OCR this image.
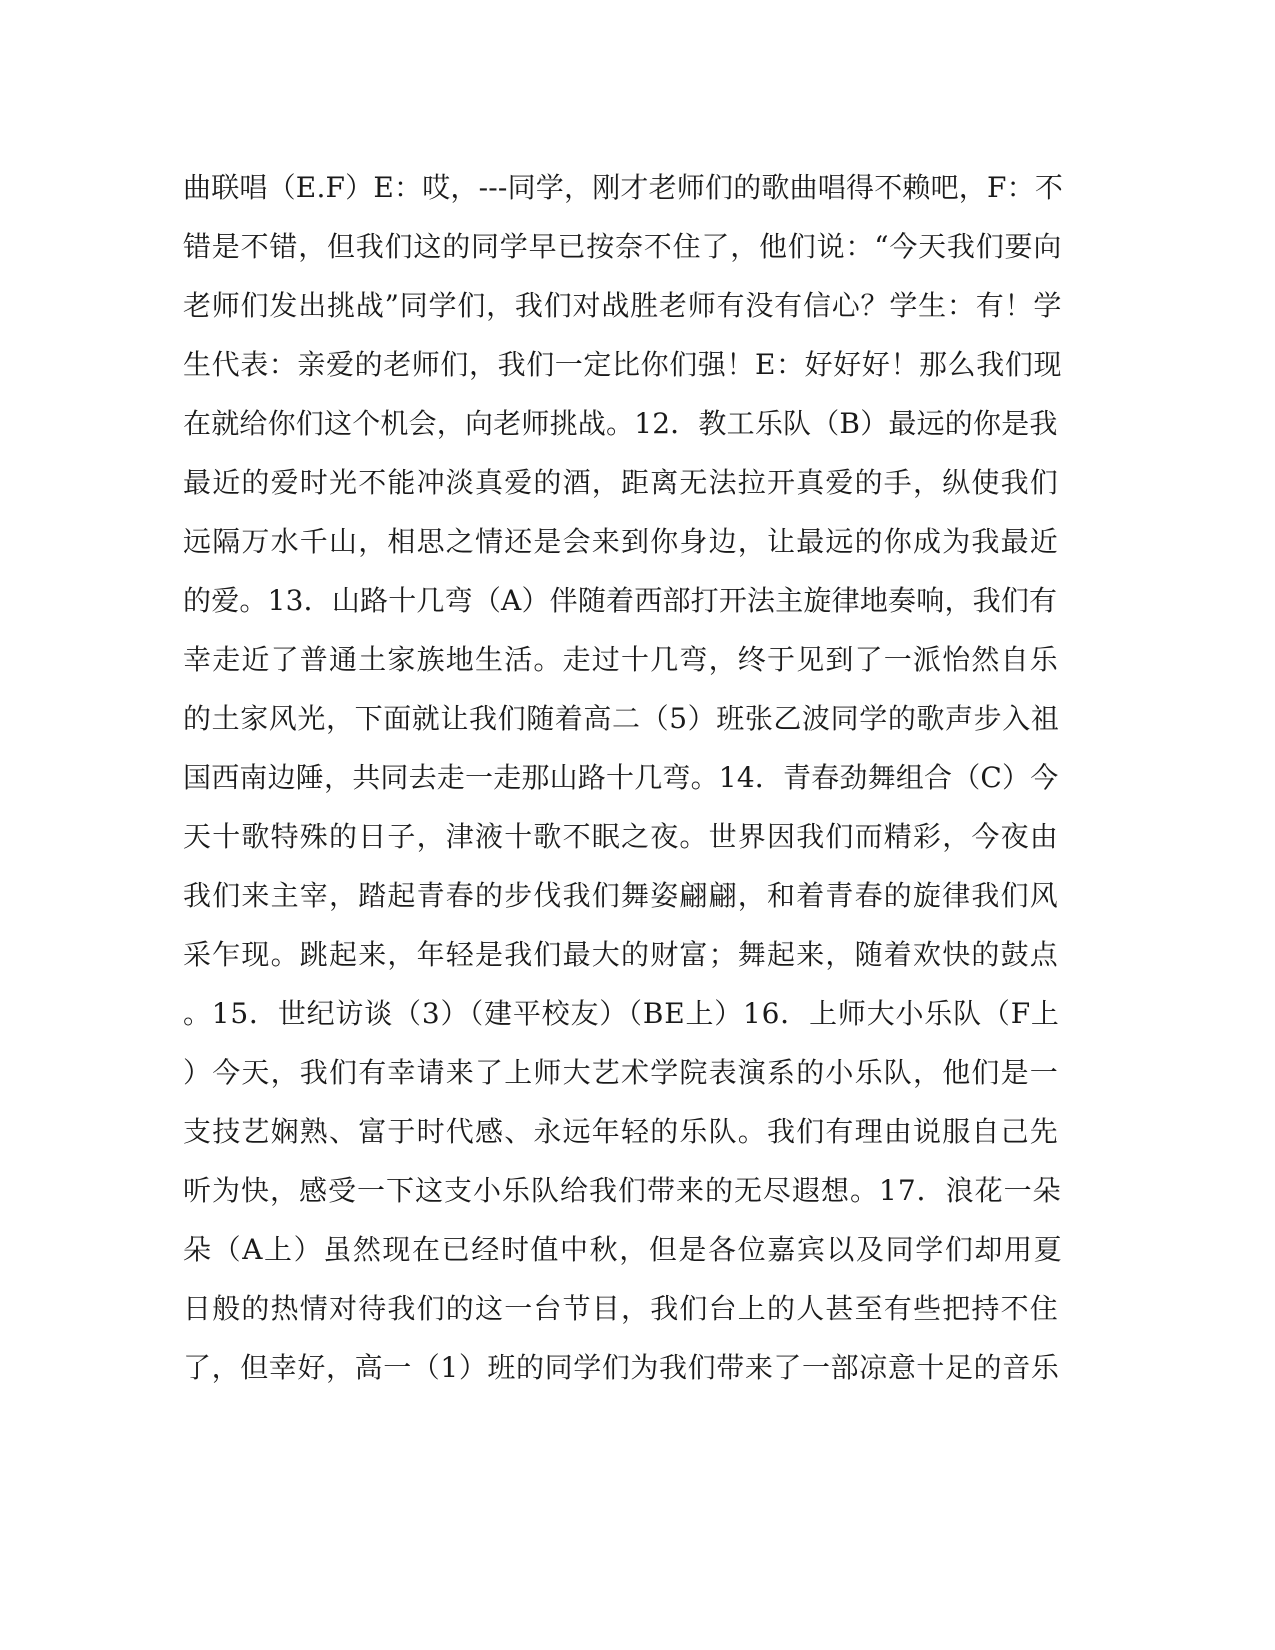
曲联唱（E.F）E：哎，---同学，刚才老师们的歌曲唱得不赖吧，F：不
错是不错，但我们这的同学早已按奈不住了，他们说：“今天我们要向
老师们发出挑战”同学们，我们对战胜老师有没有信心？学生：有！学
生代表：亲爱的老师们，我们一定比你们强！E：好好好！那么我们现
在就给你们这个机会，向老师挑战。12．教工乐队（B）最远的你是我
最近的爱时光不能冲淡真爱的酒，距离无法拉开真爱的手，纵使我们
远隔万水千山，相思之情还是会来到你身边，让最远的你成为我最近
的爱。13．山路十几弯（A）伴随着西部打开法主旋律地奏响，我们有
幸走近了普通土家族地生活。走过十几弯，终于见到了一派怡然自乐
的土家风光，下面就让我们随着高二（5）班张乙波同学的歌声步入祖
国西南边陲，共同去走一走那山路十几弯。14．青春劲舞组合（C）今
天十歌特殊的日子，津液十歌不眠之夜。世界因我们而精彩，今夜由
我们来主宰，踏起青春的步伐我们舞姿翩翩，和着青春的旋律我们风
采乍现。跳起来，年轻是我们最大的财富；舞起来，随着欢快的鼓点
。15．世纪访谈（3）（建平校友）（BE上）16．上师大小乐队（F上
）今天，我们有幸请来了上师大艺术学院表演系的小乐队，他们是一
支技艺娴熟、富于时代感、永远年轻的乐队。我们有理由说服自己先
听为快，感受一下这支小乐队给我们带来的无尽遐想。17．浪花一朵
朵（A上）虽然现在已经时值中秋，但是各位嘉宾以及同学们却用夏
日般的热情对待我们的这一台节目，我们台上的人甚至有些把持不住
了，但幸好，高一（1）班的同学们为我们带来了一部凉意十足的音乐
